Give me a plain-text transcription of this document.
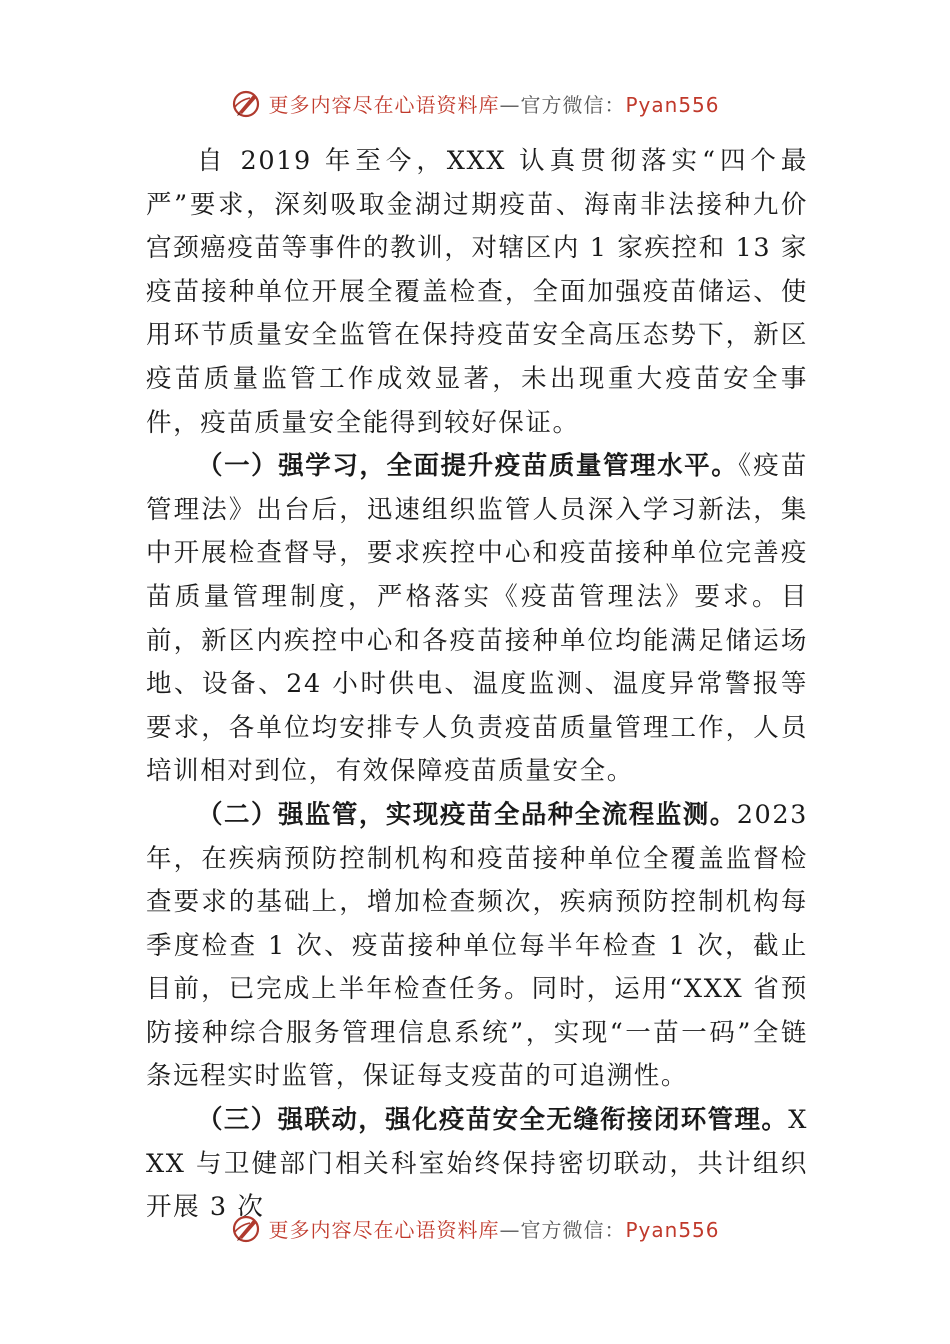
更多内容尽在心语资料库—官方微信：Pyan556

自 2019 年至今，XXX 认真贯彻落实“四个最严”要求，深刻吸取金湖过期疫苗、海南非法接种九价宫颈癌疫苗等事件的教训，对辖区内 1 家疾控和 13 家疫苗接种单位开展全覆盖检查，全面加强疫苗储运、使用环节质量安全监管在保持疫苗安全高压态势下，新区疫苗质量监管工作成效显著，未出现重大疫苗安全事件，疫苗质量安全能得到较好保证。

（一）强学习，全面提升疫苗质量管理水平。《疫苗管理法》出台后，迅速组织监管人员深入学习新法，集中开展检查督导，要求疾控中心和疫苗接种单位完善疫苗质量管理制度，严格落实《疫苗管理法》要求。目前，新区内疾控中心和各疫苗接种单位均能满足储运场地、设备、24 小时供电、温度监测、温度异常警报等要求，各单位均安排专人负责疫苗质量管理工作，人员培训相对到位，有效保障疫苗质量安全。

（二）强监管，实现疫苗全品种全流程监测。2023 年，在疾病预防控制机构和疫苗接种单位全覆盖监督检查要求的基础上，增加检查频次，疾病预防控制机构每季度检查 1 次、疫苗接种单位每半年检查 1 次，截止目前，已完成上半年检查任务。同时，运用“XXX 省预防接种综合服务管理信息系统”，实现“一苗一码”全链条远程实时监管，保证每支疫苗的可追溯性。

（三）强联动，强化疫苗安全无缝衔接闭环管理。XXX 与卫健部门相关科室始终保持密切联动，共计组织开展 3 次

更多内容尽在心语资料库—官方微信：Pyan556
